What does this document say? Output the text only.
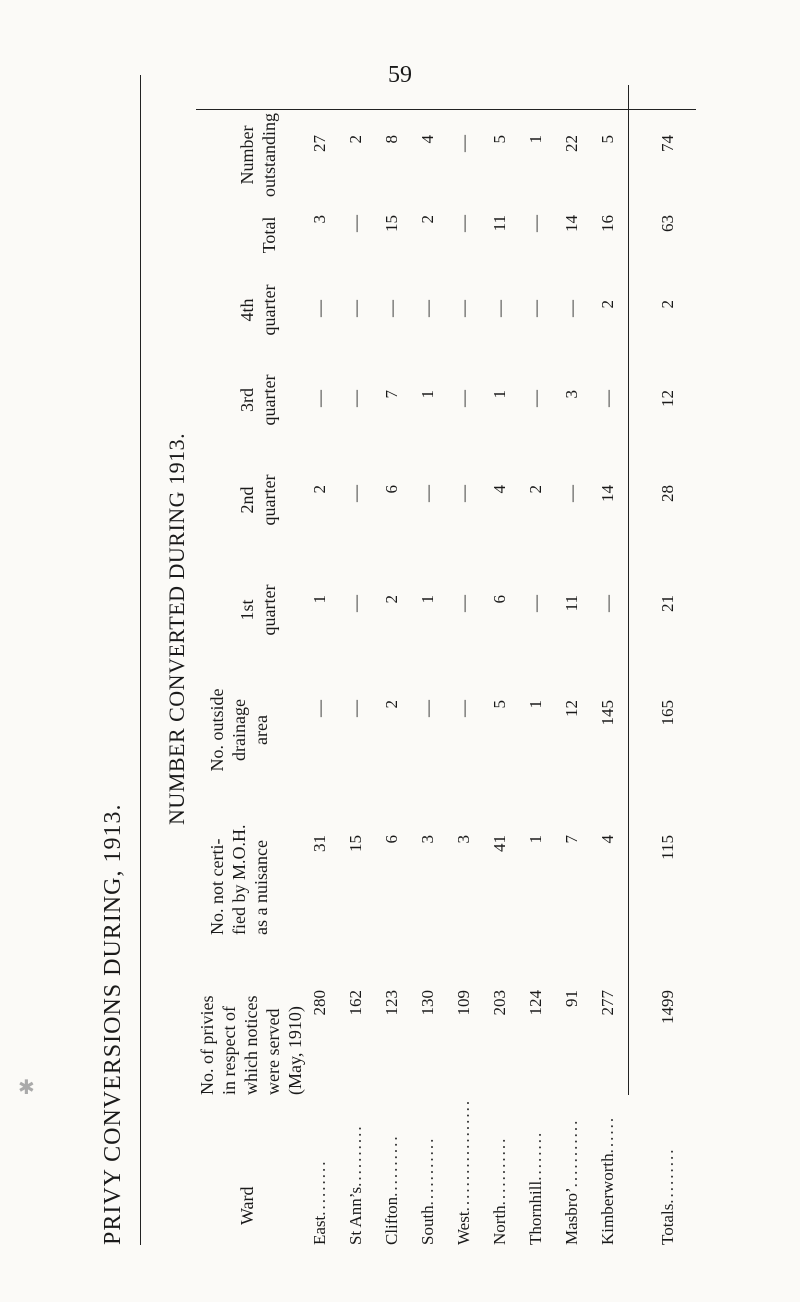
59
PRIVY CONVERSIONS DURING, 1913.
NUMBER CONVERTED DURING 1913.
Ward
No. of privies
in respect of
which notices
were served
(May, 1910)
No. not certi-
fied by M.O.H.
as a nuisance
No. outside
drainage
area
1st
quarter
2nd
quarter
3rd
quarter
4th
quarter
Total
Number
outstanding
East.........
280
31
—
1
2
—
—
3
27
St Ann’s..........
162
15
—
—
—
—
—
—
2
Clifton..........
123
6
2
2
6
7
—
15
8
South...........
130
3
—
1
—
1
—
2
4
West..................
109
3
—
—
—
—
—
—
—
North...........
203
41
5
6
4
1
—
11
5
Thornhill........
124
1
1
—
2
—
—
—
1
Masbro’...........
91
7
12
11
—
3
—
14
22
Kimberworth......
277
4
145
—
14
—
2
16
5
Totals.........
1499
115
165
21
28
12
2
63
74
✱
